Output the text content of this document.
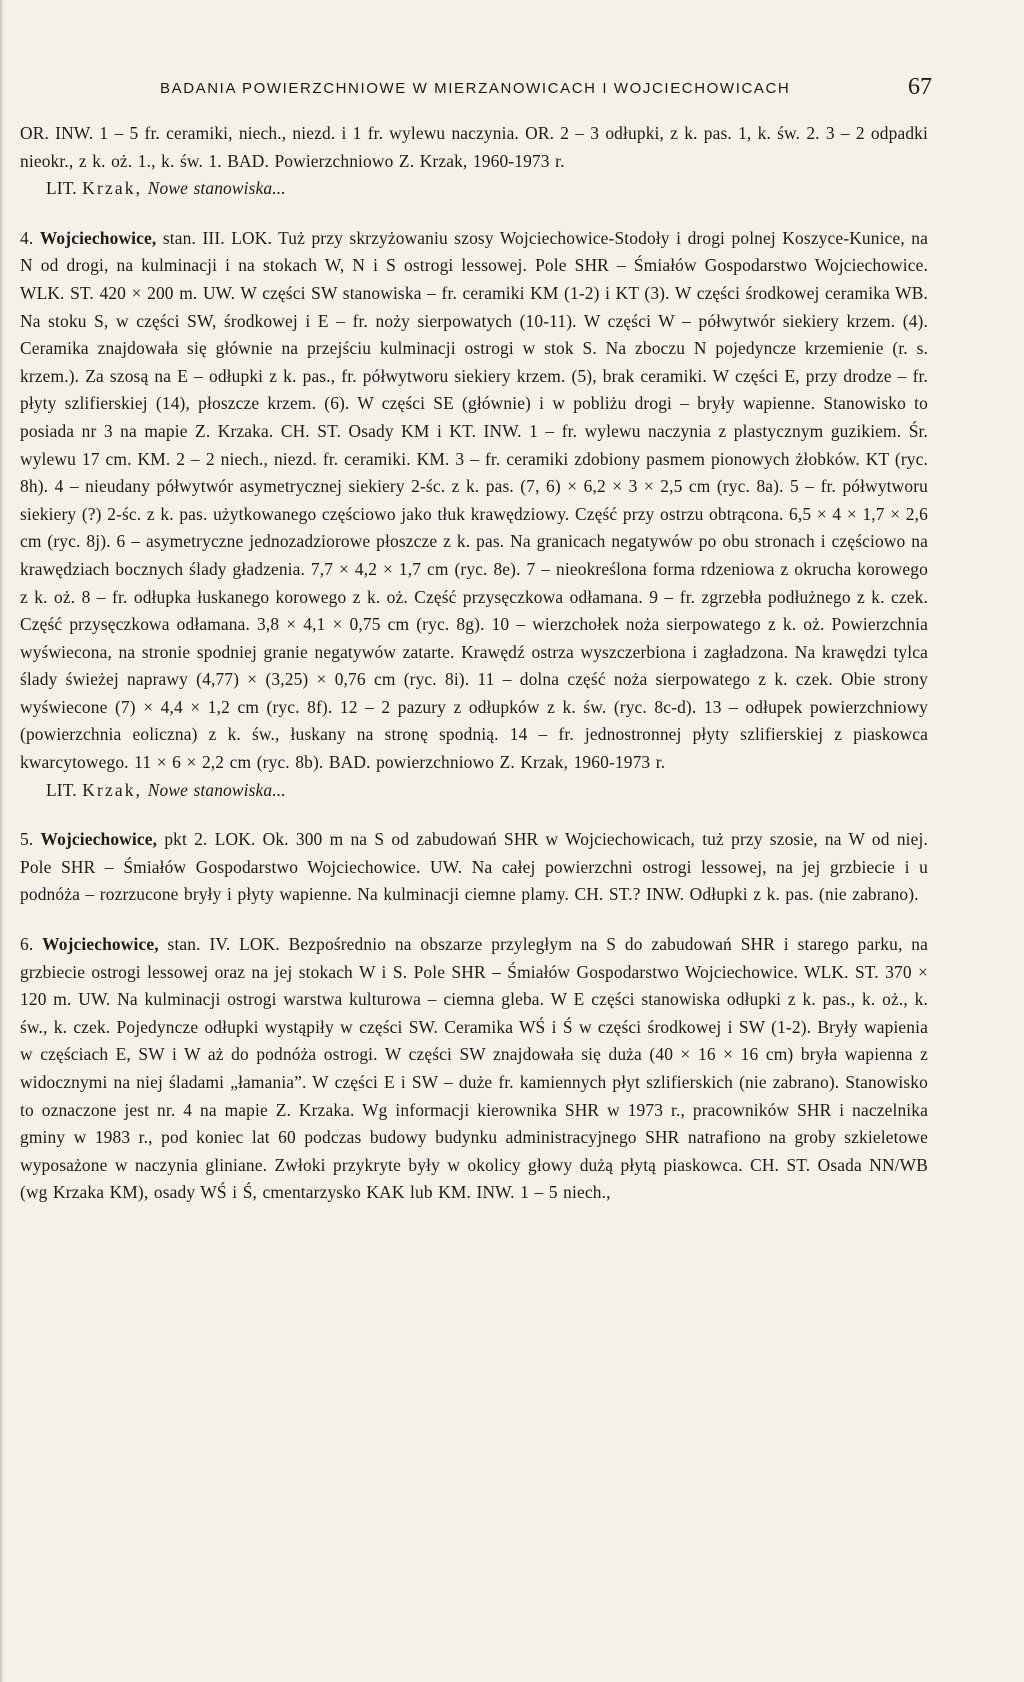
BADANIA POWIERZCHNIOWE W MIERZANOWICACH I WOJCIECHOWICACH	67
OR. INW. 1 – 5 fr. ceramiki, niech., niezd. i 1 fr. wylewu naczynia. OR. 2 – 3 odłupki, z k. pas. 1, k. św. 2. 3 – 2 odpadki nieokr., z k. oż. 1., k. św. 1. BAD. Powierzchniowo Z. Krzak, 1960-1973 r.
LIT. Krzak, Nowe stanowiska...
4. Wojciechowice, stan. III. LOK. Tuż przy skrzyżowaniu szosy Wojciechowice-Stodoły i drogi polnej Koszyce-Kunice, na N od drogi, na kulminacji i na stokach W, N i S ostrogi lessowej. Pole SHR – Śmiałów Gospodarstwo Wojciechowice. WLK. ST. 420 × 200 m. UW. W części SW stanowiska – fr. ceramiki KM (1-2) i KT (3). W części środkowej ceramika WB. Na stoku S, w części SW, środkowej i E – fr. noży sierpowatych (10-11). W części W – półwytwór siekiery krzem. (4). Ceramika znajdowała się głównie na przejściu kulminacji ostrogi w stok S. Na zboczu N pojedyncze krzemienie (r. s. krzem.). Za szosą na E – odłupki z k. pas., fr. półwytworu siekiery krzem. (5), brak ceramiki. W części E, przy drodze – fr. płyty szlifierskiej (14), płoszcze krzem. (6). W części SE (głównie) i w pobliżu drogi – bryły wapienne. Stanowisko to posiada nr 3 na mapie Z. Krzaka. CH. ST. Osady KM i KT. INW. 1 – fr. wylewu naczynia z plastycznym guzikiem. Śr. wylewu 17 cm. KM. 2 – 2 niech., niezd. fr. ceramiki. KM. 3 – fr. ceramiki zdobiony pasmem pionowych żłobków. KT (ryc. 8h). 4 – nieudany półwytwór asymetrycznej siekiery 2-śc. z k. pas. (7, 6) × 6,2 × 3 × 2,5 cm (ryc. 8a). 5 – fr. półwytworu siekiery (?) 2-śc. z k. pas. użytkowanego częściowo jako tłuk krawędziowy. Część przy ostrzu obtrącona. 6,5 × 4 × 1,7 × 2,6 cm (ryc. 8j). 6 – asymetryczne jednozadziorowe płoszcze z k. pas. Na granicach negatywów po obu stronach i częściowo na krawędziach bocznych ślady gładzenia. 7,7 × 4,2 × 1,7 cm (ryc. 8e). 7 – nieokreślona forma rdzeniowa z okrucha korowego z k. oż. 8 – fr. odłupka łuskanego korowego z k. oż. Część przysęczkowa odłamana. 9 – fr. zgrzebła podłużnego z k. czek. Część przysęczkowa odłamana. 3,8 × 4,1 × 0,75 cm (ryc. 8g). 10 – wierzchołek noża sierpowatego z k. oż. Powierzchnia wyświecona, na stronie spodniej granie negatywów zatarte. Krawędź ostrza wyszczerbiona i zagładzona. Na krawędzi tylca ślady świeżej naprawy (4,77) × (3,25) × 0,76 cm (ryc. 8i). 11 – dolna część noża sierpowatego z k. czek. Obie strony wyświecone (7) × 4,4 × 1,2 cm (ryc. 8f). 12 – 2 pazury z odłupków z k. św. (ryc. 8c-d). 13 – odłupek powierzchniowy (powierzchnia eoliczna) z k. św., łuskany na stronę spodnią. 14 – fr. jednostronnej płyty szlifierskiej z piaskowca kwarcytowego. 11 × 6 × 2,2 cm (ryc. 8b). BAD. powierzchniowo Z. Krzak, 1960-1973 r.
LIT. Krzak, Nowe stanowiska...
5. Wojciechowice, pkt 2. LOK. Ok. 300 m na S od zabudowań SHR w Wojciechowicach, tuż przy szosie, na W od niej. Pole SHR – Śmiałów Gospodarstwo Wojciechowice. UW. Na całej powierzchni ostrogi lessowej, na jej grzbiecie i u podnóża – rozrzucone bryły i płyty wapienne. Na kulminacji ciemne plamy. CH. ST.? INW. Odłupki z k. pas. (nie zabrano).
6. Wojciechowice, stan. IV. LOK. Bezpośrednio na obszarze przyległym na S do zabudowań SHR i starego parku, na grzbiecie ostrogi lessowej oraz na jej stokach W i S. Pole SHR – Śmiałów Gospodarstwo Wojciechowice. WLK. ST. 370 × 120 m. UW. Na kulminacji ostrogi warstwa kulturowa – ciemna gleba. W E części stanowiska odłupki z k. pas., k. oż., k. św., k. czek. Pojedyncze odłupki wystąpiły w części SW. Ceramika WŚ i Ś w części środkowej i SW (1-2). Bryły wapienia w częściach E, SW i W aż do podnóża ostrogi. W części SW znajdowała się duża (40 × 16 × 16 cm) bryła wapienna z widocznymi na niej śladami „łamania”. W części E i SW – duże fr. kamiennych płyt szlifierskich (nie zabrano). Stanowisko to oznaczone jest nr. 4 na mapie Z. Krzaka. Wg informacji kierownika SHR w 1973 r., pracowników SHR i naczelnika gminy w 1983 r., pod koniec lat 60 podczas budowy budynku administracyjnego SHR natrafiono na groby szkieletowe wyposażone w naczynia gliniane. Zwłoki przykryte były w okolicy głowy dużą płytą piaskowca. CH. ST. Osada NN/WB (wg Krzaka KM), osady WŚ i Ś, cmentarzysko KAK lub KM. INW. 1 – 5 niech.,
